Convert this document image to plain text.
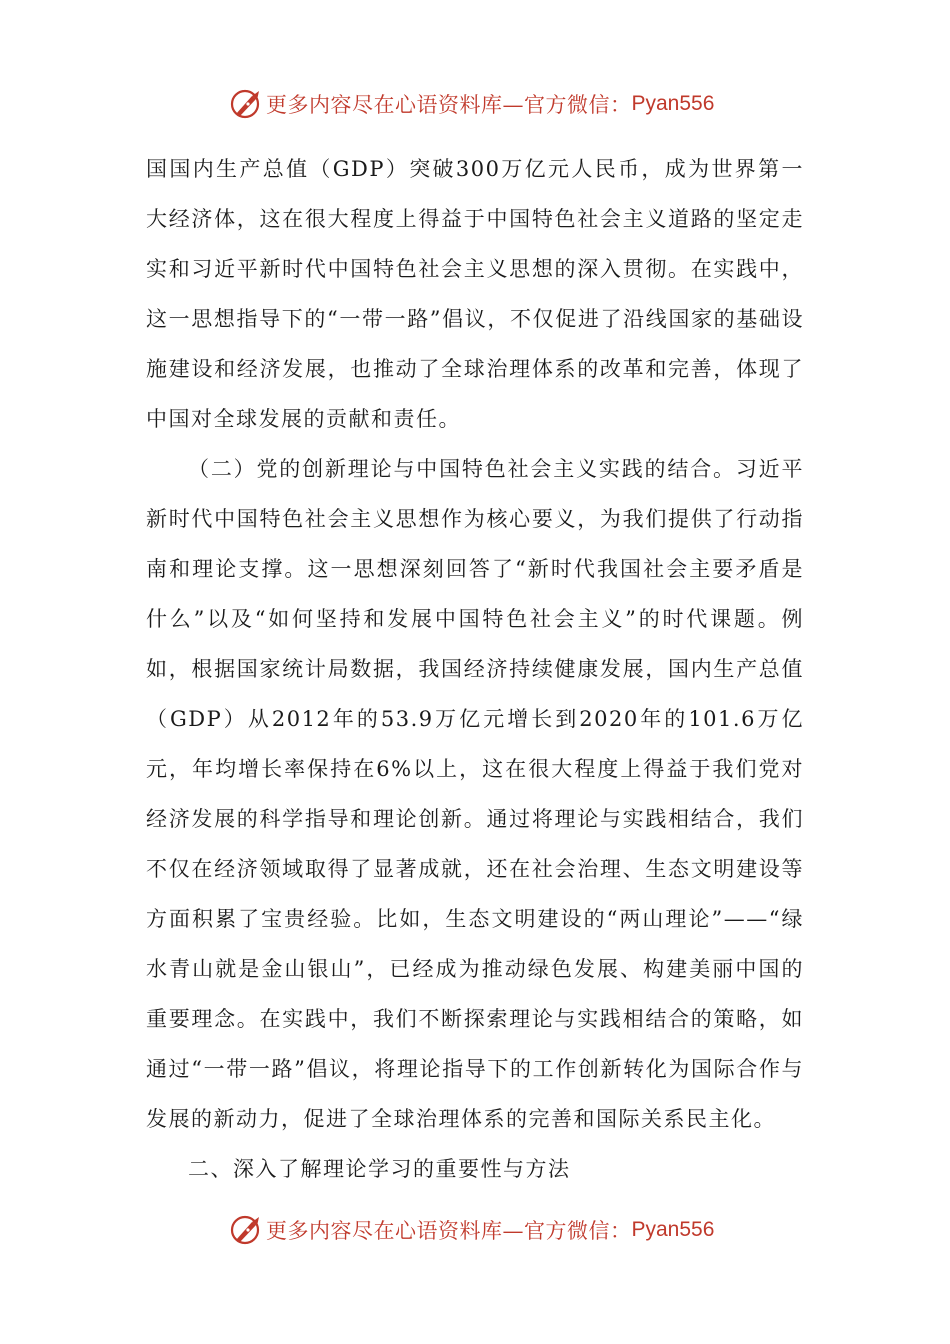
更多内容尽在心语资料库—官方微信： Pyan556

国国内生产总值（GDP）突破300万亿元人民币，成为世界第一大经济体，这在很大程度上得益于中国特色社会主义道路的坚定走实和习近平新时代中国特色社会主义思想的深入贯彻。在实践中，这一思想指导下的“一带一路”倡议，不仅促进了沿线国家的基础设施建设和经济发展，也推动了全球治理体系的改革和完善，体现了中国对全球发展的贡献和责任。

（二）党的创新理论与中国特色社会主义实践的结合。习近平新时代中国特色社会主义思想作为核心要义，为我们提供了行动指南和理论支撑。这一思想深刻回答了“新时代我国社会主要矛盾是什么”以及“如何坚持和发展中国特色社会主义”的时代课题。例如，根据国家统计局数据，我国经济持续健康发展，国内生产总值（GDP）从2012年的53.9万亿元增长到2020年的101.6万亿元，年均增长率保持在6%以上，这在很大程度上得益于我们党对经济发展的科学指导和理论创新。通过将理论与实践相结合，我们不仅在经济领域取得了显著成就，还在社会治理、生态文明建设等方面积累了宝贵经验。比如，生态文明建设的“两山理论”——“绿水青山就是金山银山”，已经成为推动绿色发展、构建美丽中国的重要理念。在实践中，我们不断探索理论与实践相结合的策略，如通过“一带一路”倡议，将理论指导下的工作创新转化为国际合作与发展的新动力，促进了全球治理体系的完善和国际关系民主化。

二、深入了解理论学习的重要性与方法

更多内容尽在心语资料库—官方微信： Pyan556
